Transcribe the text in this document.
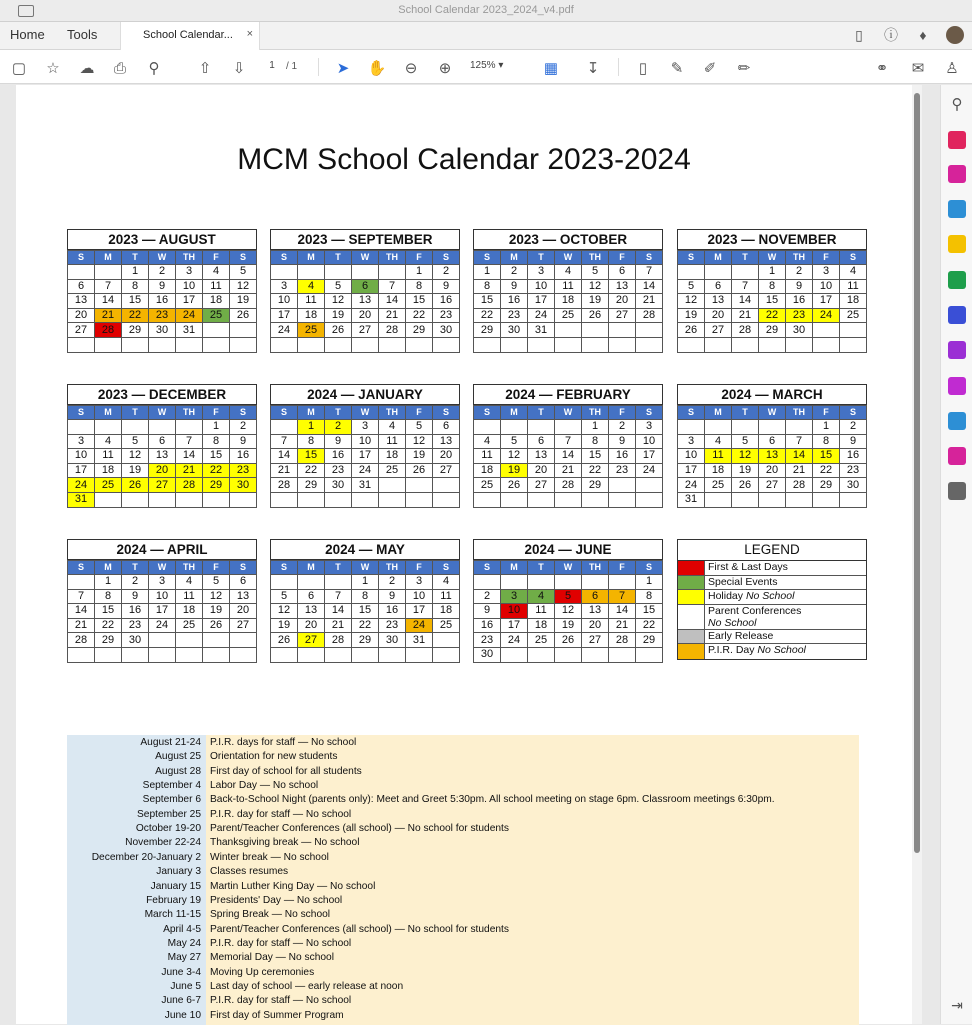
School Calendar 2023_2024_v4.pdf
Home Tools	School Calendar... ×	▯	ⓘ	♦
▢ ☆ ☁ ⎙	⚲	⇧ ⇩	1	/ 1	➤ ✋ ⊖ ⊕	125% ▾	▦ ↧	▯	✎ ✐ ✏	⚭ ✉ ♙
MCM School Calendar 2023-2024
2023 — AUGUST
S	M	T	W	TH	F	S
		1	2	3	4	5
6	7	8	9	10	11	12
13	14	15	16	17	18	19
20	21	22	23	24	25	26
27	28	29	30	31		

2023 — SEPTEMBER
S	M	T	W	TH	F	S
					1	2
3	4	5	6	7	8	9
10	11	12	13	14	15	16
17	18	19	20	21	22	23
24	25	26	27	28	29	30

2023 — OCTOBER
S	M	T	W	TH	F	S
1	2	3	4	5	6	7
8	9	10	11	12	13	14
15	16	17	18	19	20	21
22	23	24	25	26	27	28
29	30	31				

2023 — NOVEMBER
S	M	T	W	TH	F	S
			1	2	3	4
5	6	7	8	9	10	11
12	13	14	15	16	17	18
19	20	21	22	23	24	25
26	27	28	29	30		

2023 — DECEMBER
S	M	T	W	TH	F	S
					1	2
3	4	5	6	7	8	9
10	11	12	13	14	15	16
17	18	19	20	21	22	23
24	25	26	27	28	29	30
31						
2024 — JANUARY
S	M	T	W	TH	F	S
	1	2	3	4	5	6
7	8	9	10	11	12	13
14	15	16	17	18	19	20
21	22	23	24	25	26	27
28	29	30	31			

2024 — FEBRUARY
S	M	T	W	TH	F	S
				1	2	3
4	5	6	7	8	9	10
11	12	13	14	15	16	17
18	19	20	21	22	23	24
25	26	27	28	29		

2024 — MARCH
S	M	T	W	TH	F	S
					1	2
3	4	5	6	7	8	9
10	11	12	13	14	15	16
17	18	19	20	21	22	23
24	25	26	27	28	29	30
31						
2024 — APRIL
S	M	T	W	TH	F	S
	1	2	3	4	5	6
7	8	9	10	11	12	13
14	15	16	17	18	19	20
21	22	23	24	25	26	27
28	29	30				

2024 — MAY
S	M	T	W	TH	F	S
			1	2	3	4
5	6	7	8	9	10	11
12	13	14	15	16	17	18
19	20	21	22	23	24	25
26	27	28	29	30	31	

2024 — JUNE
S	M	T	W	TH	F	S
						1
2	3	4	5	6	7	8
9	10	11	12	13	14	15
16	17	18	19	20	21	22
23	24	25	26	27	28	29
30						
LEGEND
First & Last Days
Special Events
Holiday No School
Parent Conferences
No School
Early Release
P.I.R. Day No School
August 21-24 P.I.R. days for staff — No school
August 25 Orientation for new students
August 28 First day of school for all students
September 4 Labor Day — No school
September 6 Back-to-School Night (parents only): Meet and Greet 5:30pm. All school meeting on stage 6pm. Classroom meetings 6:30pm.
September 25 P.I.R. day for staff — No school
October 19-20 Parent/Teacher Conferences (all school) — No school for students
November 22-24 Thanksgiving break — No school
December 20-January 2 Winter break — No school
January 3 Classes resumes
January 15 Martin Luther King Day — No school
February 19 Presidents' Day — No school
March 11-15 Spring Break — No school
April 4-5 Parent/Teacher Conferences (all school) — No school for students
May 24 P.I.R. day for staff — No school
May 27 Memorial Day — No school
June 3-4 Moving Up ceremonies
June 5 Last day of school — early release at noon
June 6-7 P.I.R. day for staff — No school
June 10 First day of Summer Program
⚲
⇥
